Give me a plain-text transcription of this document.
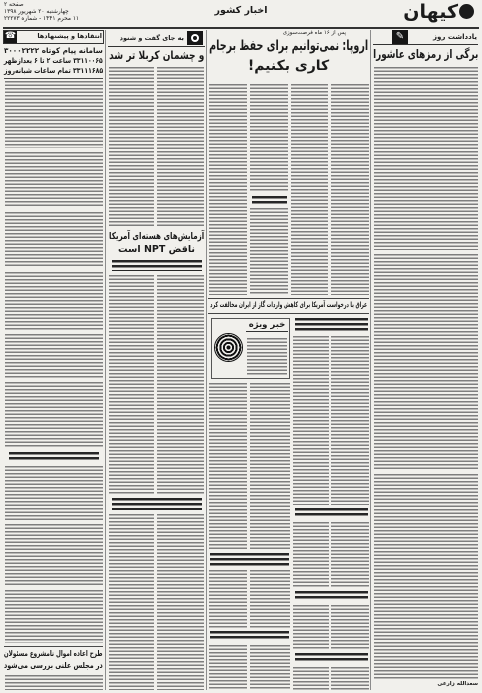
کیهان
اخبار کشور
صفحه ۲
چهارشنبه ۲۰ شهریور ۱۳۹۸
۱۱ محرم ۱۴۴۱ - شماره ۲۲۲۷۳
✎	یادداشت روز
برگی از رمزهای عاشورا
سعدالله زارعی
پس از ۱۶ ماه فرصت‌سوزی
اروپا: نمی‌توانیم برای حفظ برجام
کاری بکنیم!
عراق با درخواست آمریکا برای کاهش واردات گاز از ایران مخالفت کرد
خبر ویژه
به جای گفت و شنود
و چشمان کربلا تر شد
آزمایش‌های هسته‌ای آمریکا
ناقض NPT است
☎	انتقادها و پیشنهادها
سامانه پیام کوتاه ۳۰۰۰۲۲۲۲
۳۳۱۱۰۰۶۵ ساعت ۲ تا ۶ بعدازظهر
۳۳۱۱۱۶۸۵ تمام ساعات شبانه‌روز
طرح اعاده اموال نامشروع مسئولان
در مجلس علنی بررسی می‌شود
